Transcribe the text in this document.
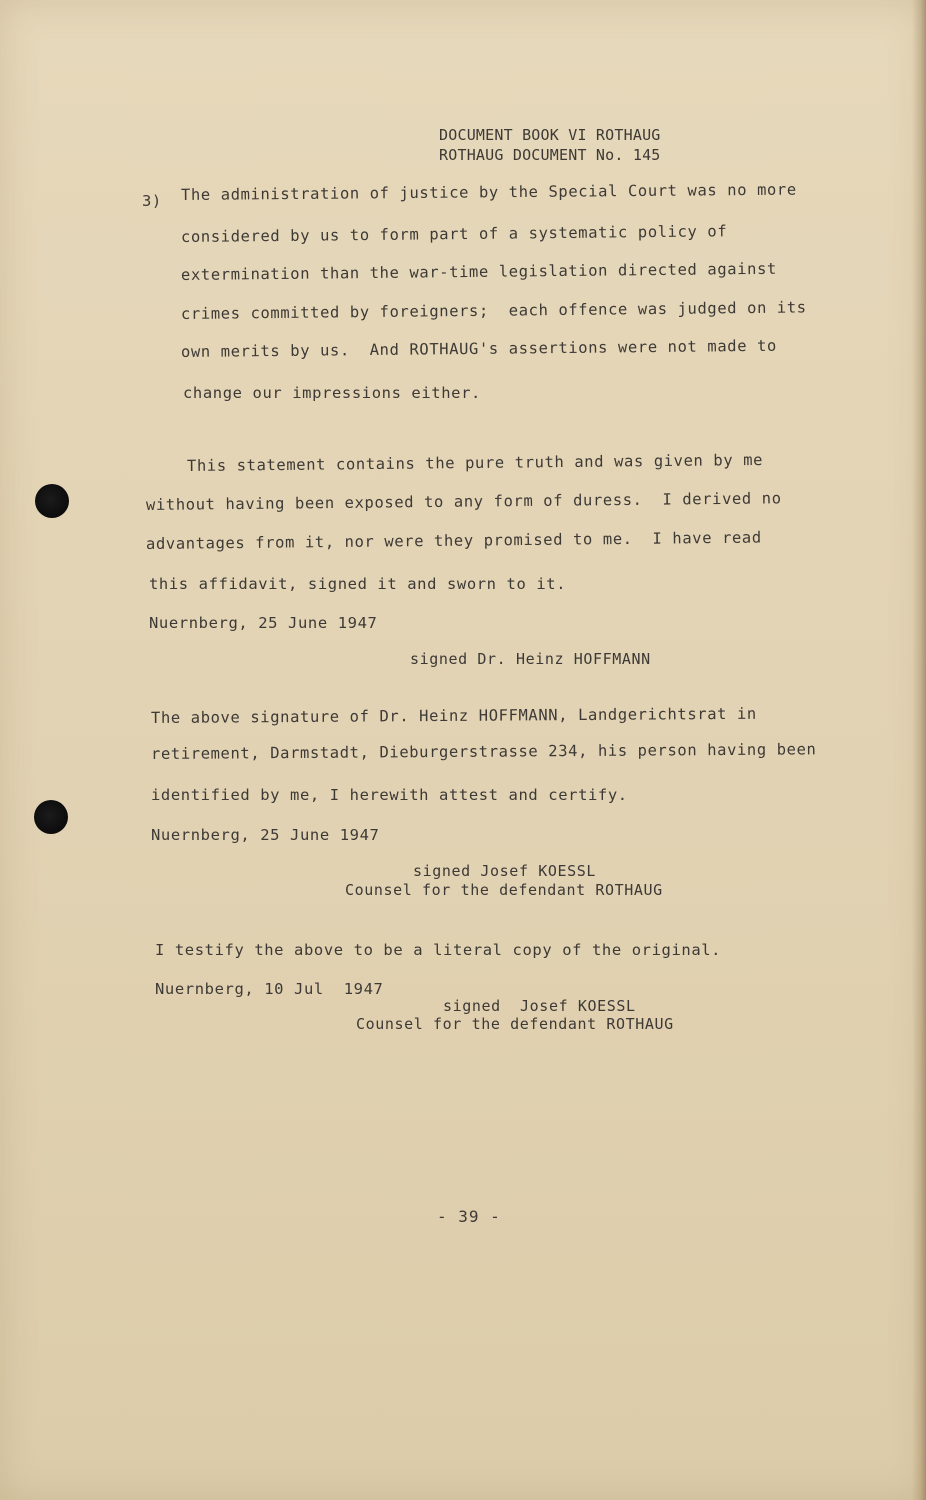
DOCUMENT BOOK VI ROTHAUG
ROTHAUG DOCUMENT No. 145
3) The administration of justice by the Special Court was no more
considered by us to form part of a systematic policy of
extermination than the war-time legislation directed against
crimes committed by foreigners;  each offence was judged on its
own merits by us.  And ROTHAUG's assertions were not made to
change our impressions either.
This statement contains the pure truth and was given by me
without having been exposed to any form of duress.  I derived no
advantages from it, nor were they promised to me.  I have read
this affidavit, signed it and sworn to it.
Nuernberg, 25 June 1947
signed Dr. Heinz HOFFMANN
The above signature of Dr. Heinz HOFFMANN, Landgerichtsrat in
retirement, Darmstadt, Dieburgerstrasse 234, his person having been
identified by me, I herewith attest and certify.
Nuernberg, 25 June 1947
signed Josef KOESSL
Counsel for the defendant ROTHAUG
I testify the above to be a literal copy of the original.
Nuernberg, 10 Jul  1947
signed  Josef KOESSL
Counsel for the defendant ROTHAUG
- 39 -
